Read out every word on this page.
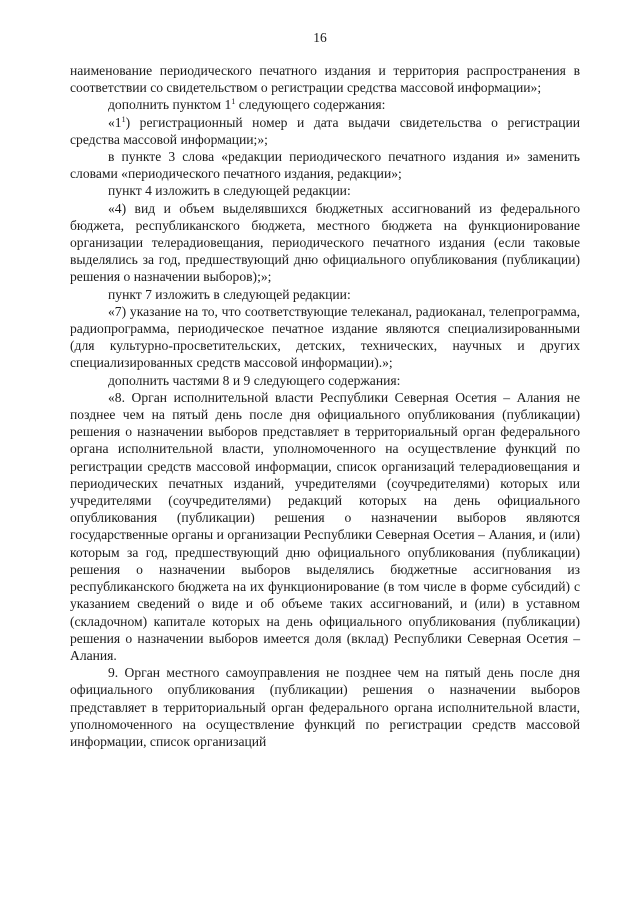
16

наименование периодического печатного издания и территория распространения в соответствии со свидетельством о регистрации средства массовой информации»;

дополнить пунктом $1^1$ следующего содержания:

«$1^1$) регистрационный номер и дата выдачи свидетельства о регистрации средства массовой информации;»;

в пункте 3 слова «редакции периодического печатного издания и» заменить словами «периодического печатного издания, редакции»;

пункт 4 изложить в следующей редакции:

«4) вид и объем выделявшихся бюджетных ассигнований из федерального бюджета, республиканского бюджета, местного бюджета на функционирование организации телерадиовещания, периодического печатного издания (если таковые выделялись за год, предшествующий дню официального опубликования (публикации) решения о назначении выборов);»;

пункт 7 изложить в следующей редакции:

«7) указание на то, что соответствующие телеканал, радиоканал, телепрограмма, радиопрограмма, периодическое печатное издание являются специализированными (для культурно-просветительских, детских, технических, научных и других специализированных средств массовой информации).»;

дополнить частями 8 и 9 следующего содержания:

«8. Орган исполнительной власти Республики Северная Осетия – Алания не позднее чем на пятый день после дня официального опубликования (публикации) решения о назначении выборов представляет в территориальный орган федерального органа исполнительной власти, уполномоченного на осуществление функций по регистрации средств массовой информации, список организаций телерадиовещания и периодических печатных изданий, учредителями (соучредителями) которых или учредителями (соучредителями) редакций которых на день официального опубликования (публикации) решения о назначении выборов являются государственные органы и организации Республики Северная Осетия – Алания, и (или) которым за год, предшествующий дню официального опубликования (публикации) решения о назначении выборов выделялись бюджетные ассигнования из республиканского бюджета на их функционирование (в том числе в форме субсидий) с указанием сведений о виде и об объеме таких ассигнований, и (или) в уставном (складочном) капитале которых на день официального опубликования (публикации) решения о назначении выборов имеется доля (вклад) Республики Северная Осетия – Алания.

9. Орган местного самоуправления не позднее чем на пятый день после дня официального опубликования (публикации) решения о назначении выборов представляет в территориальный орган федерального органа исполнительной власти, уполномоченного на осуществление функций по регистрации средств массовой информации, список организаций
